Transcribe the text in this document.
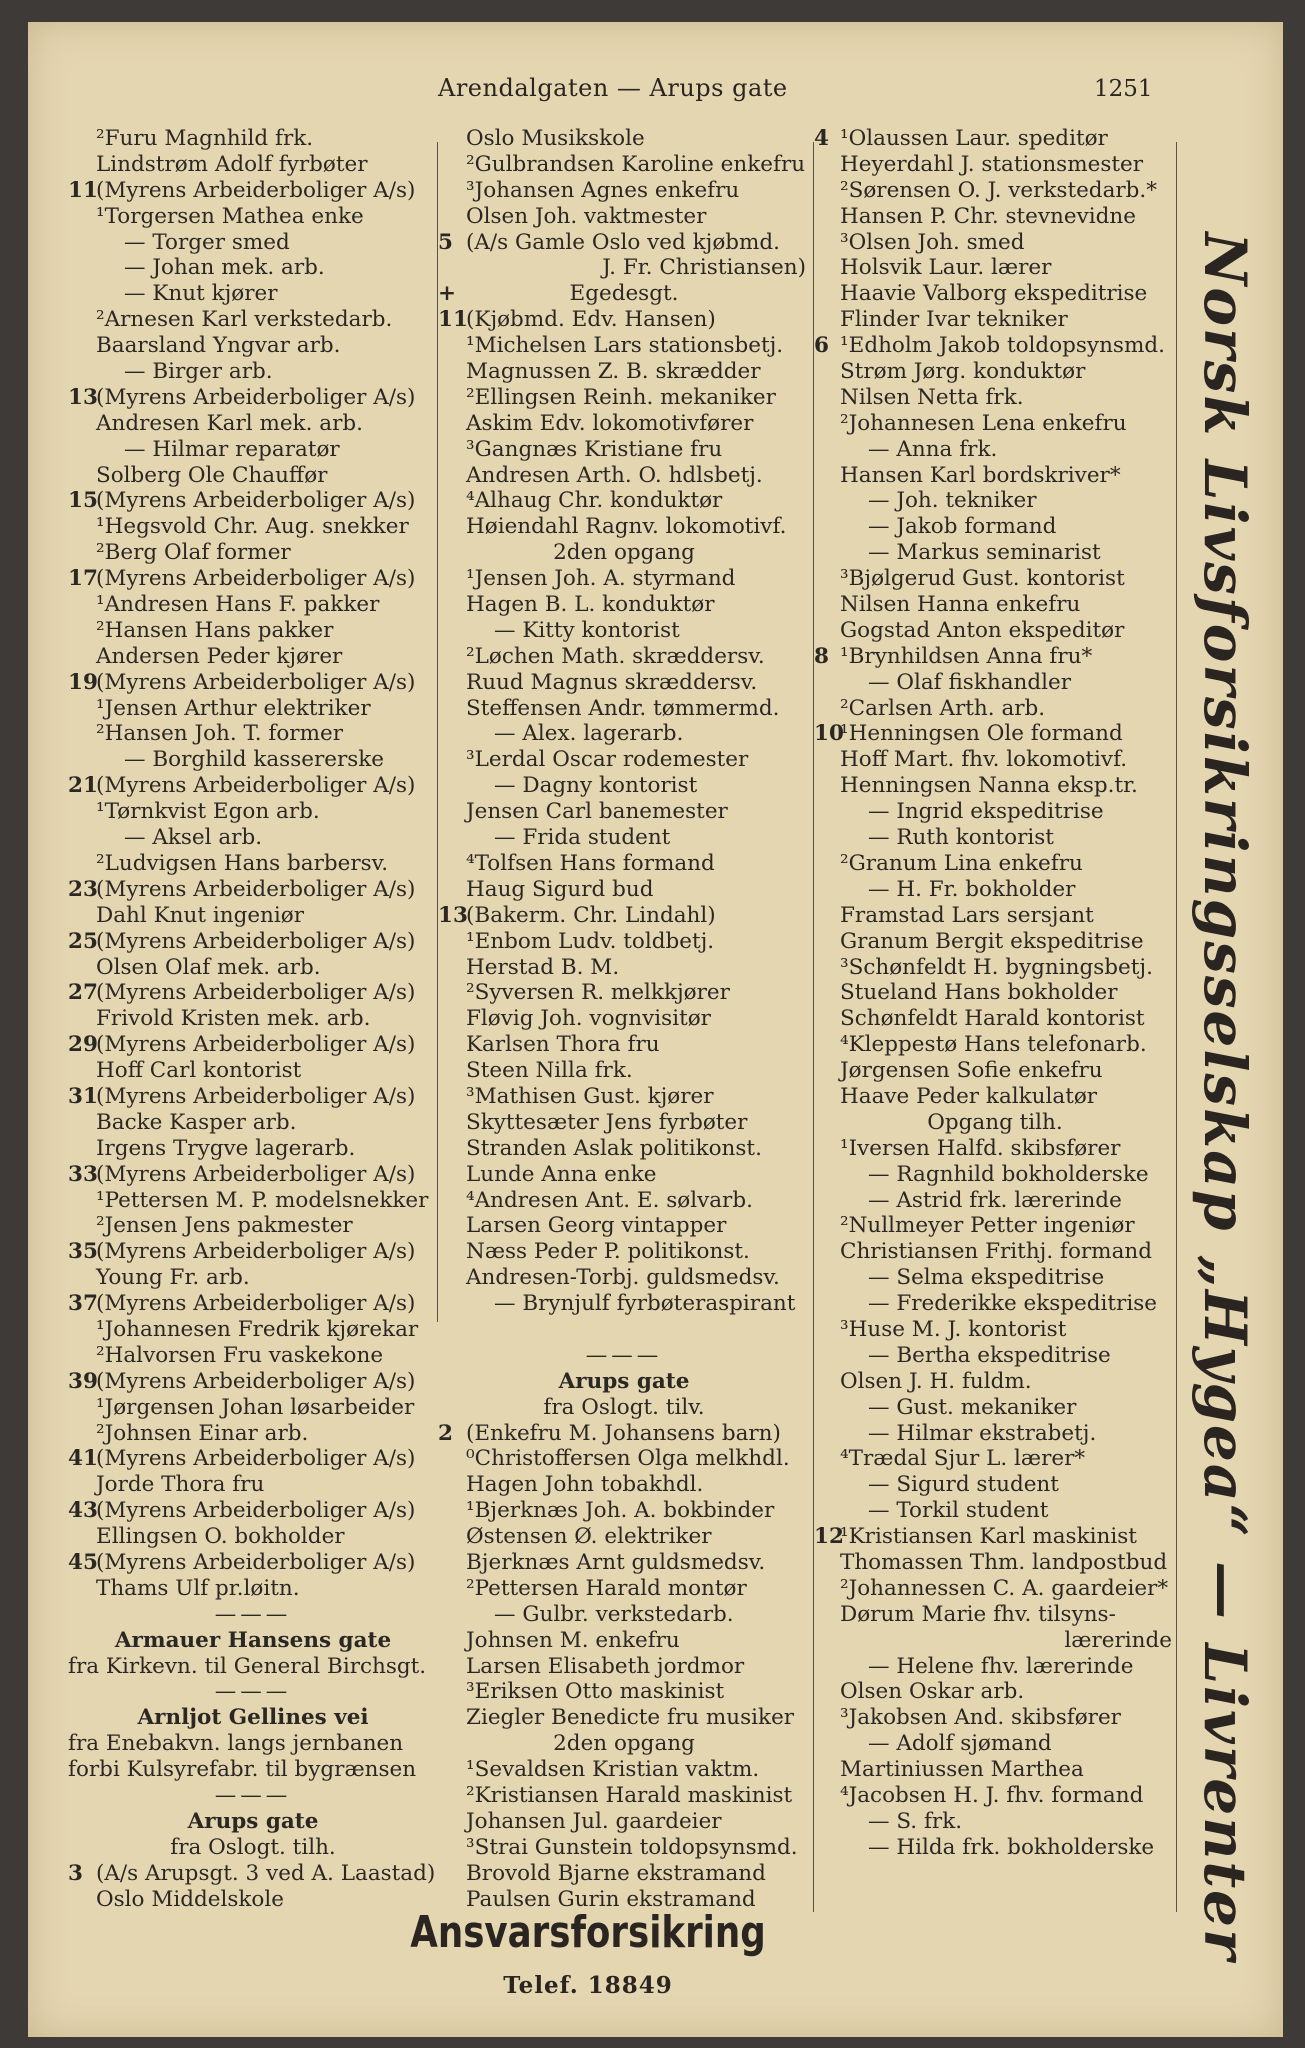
Arendalgaten — Arups gate	1251
²Furu Magnhild frk.
Lindstrøm Adolf fyrbøter
11
(Myrens Arbeiderboliger A/s)
¹Torgersen Mathea enke
— Torger smed
— Johan mek. arb.
— Knut kjører
²Arnesen Karl verkstedarb.
Baarsland Yngvar arb.
— Birger arb.
13
(Myrens Arbeiderboliger A/s)
Andresen Karl mek. arb.
— Hilmar reparatør
Solberg Ole Chauffør
15
(Myrens Arbeiderboliger A/s)
¹Hegsvold Chr. Aug. snekker
²Berg Olaf former
17
(Myrens Arbeiderboliger A/s)
¹Andresen Hans F. pakker
²Hansen Hans pakker
Andersen Peder kjører
19
(Myrens Arbeiderboliger A/s)
¹Jensen Arthur elektriker
²Hansen Joh. T. former
— Borghild kassererske
21
(Myrens Arbeiderboliger A/s)
¹Tørnkvist Egon arb.
— Aksel arb.
²Ludvigsen Hans barbersv.
23
(Myrens Arbeiderboliger A/s)
Dahl Knut ingeniør
25
(Myrens Arbeiderboliger A/s)
Olsen Olaf mek. arb.
27
(Myrens Arbeiderboliger A/s)
Frivold Kristen mek. arb.
29
(Myrens Arbeiderboliger A/s)
Hoff Carl kontorist
31
(Myrens Arbeiderboliger A/s)
Backe Kasper arb.
Irgens Trygve lagerarb.
33
(Myrens Arbeiderboliger A/s)
¹Pettersen M. P. modelsnekker
²Jensen Jens pakmester
35
(Myrens Arbeiderboliger A/s)
Young Fr. arb.
37
(Myrens Arbeiderboliger A/s)
¹Johannesen Fredrik kjørekar
²Halvorsen Fru vaskekone
39
(Myrens Arbeiderboliger A/s)
¹Jørgensen Johan løsarbeider
²Johnsen Einar arb.
41
(Myrens Arbeiderboliger A/s)
Jorde Thora fru
43
(Myrens Arbeiderboliger A/s)
Ellingsen O. bokholder
45
(Myrens Arbeiderboliger A/s)
Thams Ulf pr.løitn.
———
Armauer Hansens gate
fra Kirkevn. til General Birchsgt.
———
Arnljot Gellines vei
fra Enebakvn. langs jernbanen
forbi Kulsyrefabr. til bygrænsen
———
Arups gate
fra Oslogt. tilh.
3 (A/s Arupsgt. 3 ved A. Laastad)
Oslo Middelskole
Oslo Musikskole
²Gulbrandsen Karoline enkefru
³Johansen Agnes enkefru
Olsen Joh. vaktmester
5 (A/s Gamle Oslo ved kjøbmd.
J. Fr. Christiansen)
+	Egedesgt.
11
(Kjøbmd. Edv. Hansen)
¹Michelsen Lars stationsbetj.
Magnussen Z. B. skrædder
²Ellingsen Reinh. mekaniker
Askim Edv. lokomotivfører
³Gangnæs Kristiane fru
Andresen Arth. O. hdlsbetj.
⁴Alhaug Chr. konduktør
Høiendahl Ragnv. lokomotivf.
2den opgang
¹Jensen Joh. A. styrmand
Hagen B. L. konduktør
— Kitty kontorist
²Løchen Math. skræddersv.
Ruud Magnus skræddersv.
Steffensen Andr. tømmermd.
— Alex. lagerarb.
³Lerdal Oscar rodemester
— Dagny kontorist
Jensen Carl banemester
— Frida student
⁴Tolfsen Hans formand
Haug Sigurd bud
13
(Bakerm. Chr. Lindahl)
¹Enbom Ludv. toldbetj.
Herstad B. M.
²Syversen R. melkkjører
Fløvig Joh. vognvisitør
Karlsen Thora fru
Steen Nilla frk.
³Mathisen Gust. kjører
Skyttesæter Jens fyrbøter
Stranden Aslak politikonst.
Lunde Anna enke
⁴Andresen Ant. E. sølvarb.
Larsen Georg vintapper
Næss Peder P. politikonst.
Andresen-Torbj. guldsmedsv.
— Brynjulf fyrbøteraspirant
———
Arups gate
fra Oslogt. tilv.
2 (Enkefru M. Johansens barn)
⁰Christoffersen Olga melkhdl.
Hagen John tobakhdl.
¹Bjerknæs Joh. A. bokbinder
Østensen Ø. elektriker
Bjerknæs Arnt guldsmedsv.
²Pettersen Harald montør
— Gulbr. verkstedarb.
Johnsen M. enkefru
Larsen Elisabeth jordmor
³Eriksen Otto maskinist
Ziegler Benedicte fru musiker
2den opgang
¹Sevaldsen Kristian vaktm.
²Kristiansen Harald maskinist
Johansen Jul. gaardeier
³Strai Gunstein toldopsynsmd.
Brovold Bjarne ekstramand
Paulsen Gurin ekstramand
4 ¹Olaussen Laur. speditør
Heyerdahl J. stationsmester
²Sørensen O. J. verkstedarb.*
Hansen P. Chr. stevnevidne
³Olsen Joh. smed
Holsvik Laur. lærer
Haavie Valborg ekspeditrise
Flinder Ivar tekniker
6 ¹Edholm Jakob toldopsynsmd.
Strøm Jørg. konduktør
Nilsen Netta frk.
²Johannesen Lena enkefru
— Anna frk.
Hansen Karl bordskriver*
— Joh. tekniker
— Jakob formand
— Markus seminarist
³Bjølgerud Gust. kontorist
Nilsen Hanna enkefru
Gogstad Anton ekspeditør
8 ¹Brynhildsen Anna fru*
— Olaf fiskhandler
²Carlsen Arth. arb.
10
¹Henningsen Ole formand
Hoff Mart. fhv. lokomotivf.
Henningsen Nanna eksp.tr.
— Ingrid ekspeditrise
— Ruth kontorist
²Granum Lina enkefru
— H. Fr. bokholder
Framstad Lars sersjant
Granum Bergit ekspeditrise
³Schønfeldt H. bygningsbetj.
Stueland Hans bokholder
Schønfeldt Harald kontorist
⁴Kleppestø Hans telefonarb.
Jørgensen Sofie enkefru
Haave Peder kalkulatør
Opgang tilh.
¹Iversen Halfd. skibsfører
— Ragnhild bokholderske
— Astrid frk. lærerinde
²Nullmeyer Petter ingeniør
Christiansen Frithj. formand
— Selma ekspeditrise
— Frederikke ekspeditrise
³Huse M. J. kontorist
— Bertha ekspeditrise
Olsen J. H. fuldm.
— Gust. mekaniker
— Hilmar ekstrabetj.
⁴Trædal Sjur L. lærer*
— Sigurd student
— Torkil student
12
¹Kristiansen Karl maskinist
Thomassen Thm. landpostbud
²Johannessen C. A. gaardeier*
Dørum Marie fhv. tilsyns-
lærerinde
— Helene fhv. lærerinde
Olsen Oskar arb.
³Jakobsen And. skibsfører
— Adolf sjømand
Martiniussen Marthea
⁴Jacobsen H. J. fhv. formand
— S. frk.
— Hilda frk. bokholderske Norsk Livsforsikringsselskap „Hygea“ — Livrenter
Ansvarsforsikring
Telef. 18849
